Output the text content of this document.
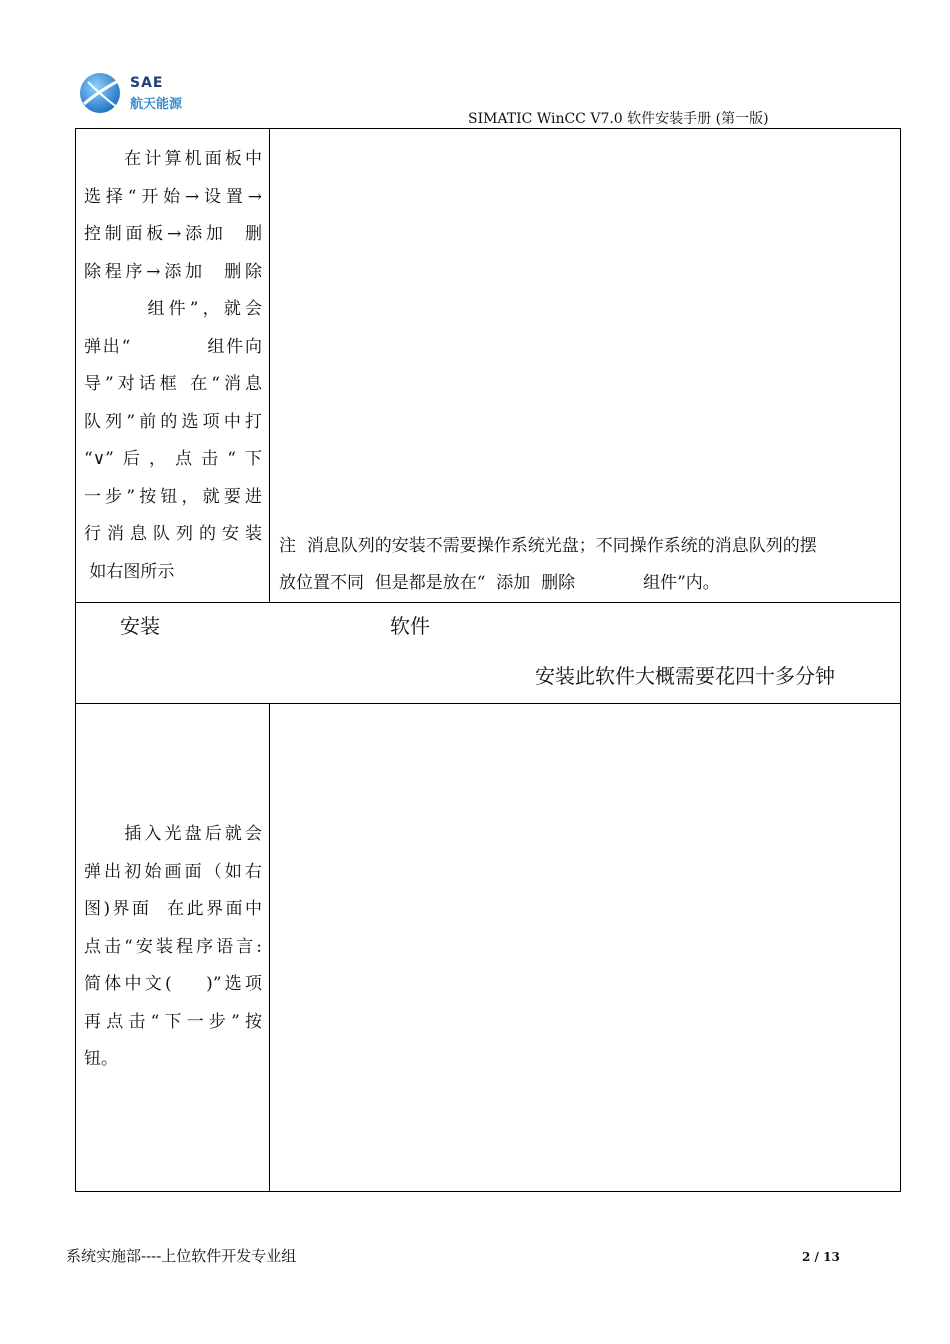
SAE
航天能源
SIMATIC WinCC V7.0 软件安装手册 (第一版)
　　在计算机面板中
选择“开始→设置→
控制面板→添加  删
除程序→添加  删除
　　　组件”，就会
弹出“　　　　组件向
导”对话框 在“消息
队列”前的选项中打
“∨”后，点击“下
一步”按钮，就要进
行消息队列的安装
如右图所示
注  消息队列的安装不需要操作系统光盘；不同操作系统的消息队列的摆
放位置不同  但是都是放在“  添加  删除　　　　组件”内。
安装	软件
安装此软件大概需要花四十多分钟
　　插入光盘后就会
弹出初始画面（如右
图)界面  在此界面中
点击“安装程序语言:
简体中文(    )”选项
再点击“下一步”按
钮。
系统实施部----上位软件开发专业组	2 / 13
